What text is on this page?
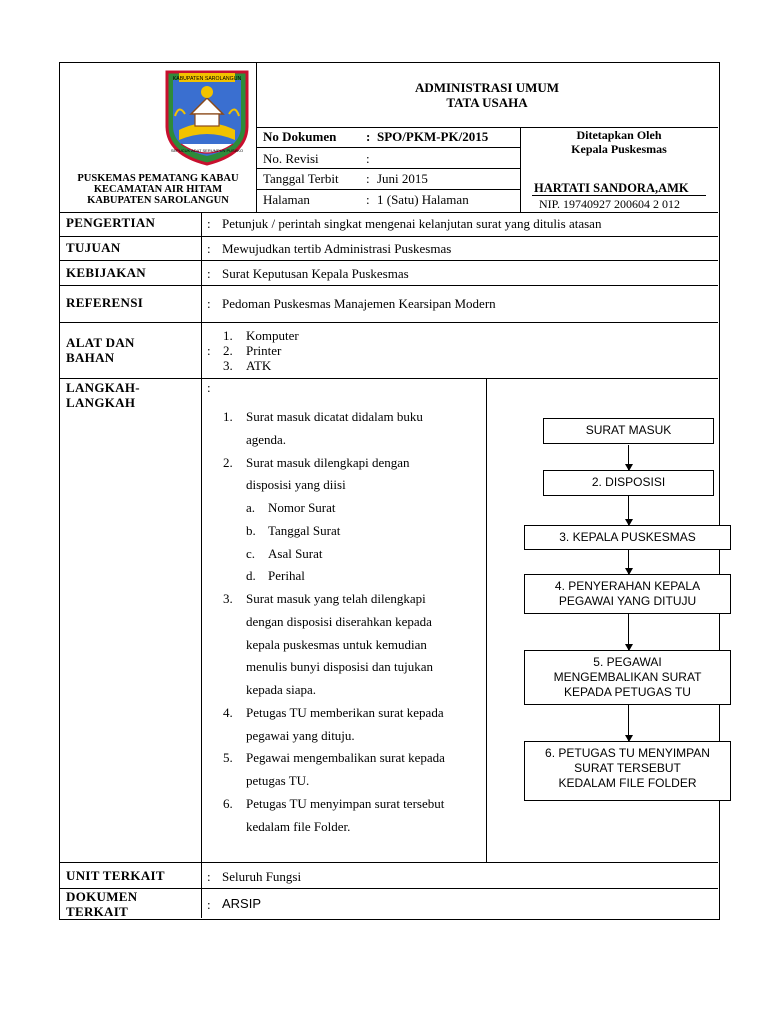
KABUPATEN SAROLANGUN
SEPUCUK ADAT SERUMPUN PUSAKO
PUSKEMAS PEMATANG KABAU
KECAMATAN AIR HITAM
KABUPATEN SAROLANGUN
ADMINISTRASI UMUM
TATA USAHA
No Dokumen : SPO/PKM-PK/2015
No. Revisi	:
Tanggal Terbit : Juni 2015
Halaman	: 1 (Satu) Halaman
Ditetapkan Oleh
Kepala Puskesmas
HARTATI SANDORA,AMK
NIP. 19740927 200604 2 012
PENGERTIAN	: Petunjuk / perintah singkat mengenai kelanjutan surat yang ditulis atasan
TUJUAN	: Mewujudkan tertib Administrasi Puskesmas
KEBIJAKAN	: Surat Keputusan Kepala Puskesmas
REFERENSI	: Pedoman Puskesmas Manajemen Kearsipan Modern
ALAT DAN
BAHAN	:
1. Komputer
2. Printer
3. ATK
LANGKAH-
LANGKAH
:
1. Surat masuk dicatat didalam buku
agenda.
2. Surat masuk dilengkapi dengan
disposisi yang diisi
a. Nomor Surat
b. Tanggal Surat
c. Asal Surat
d. Perihal
3. Surat masuk yang telah dilengkapi
dengan disposisi diserahkan kepada
kepala puskesmas untuk kemudian
menulis bunyi disposisi dan tujukan
kepada siapa.
4. Petugas TU memberikan surat kepada
pegawai yang dituju.
5. Pegawai mengembalikan surat kepada
petugas TU.
6. Petugas TU menyimpan surat tersebut
kedalam file Folder.
SURAT MASUK
2. DISPOSISI
3. KEPALA PUSKESMAS
4. PENYERAHAN KEPALA
PEGAWAI YANG DITUJU
5. PEGAWAI
MENGEMBALIKAN SURAT
KEPADA PETUGAS TU
6. PETUGAS TU MENYIMPAN
SURAT TERSEBUT
KEDALAM FILE FOLDER
UNIT TERKAIT	: Seluruh Fungsi
DOKUMEN
TERKAIT	: ARSIP
